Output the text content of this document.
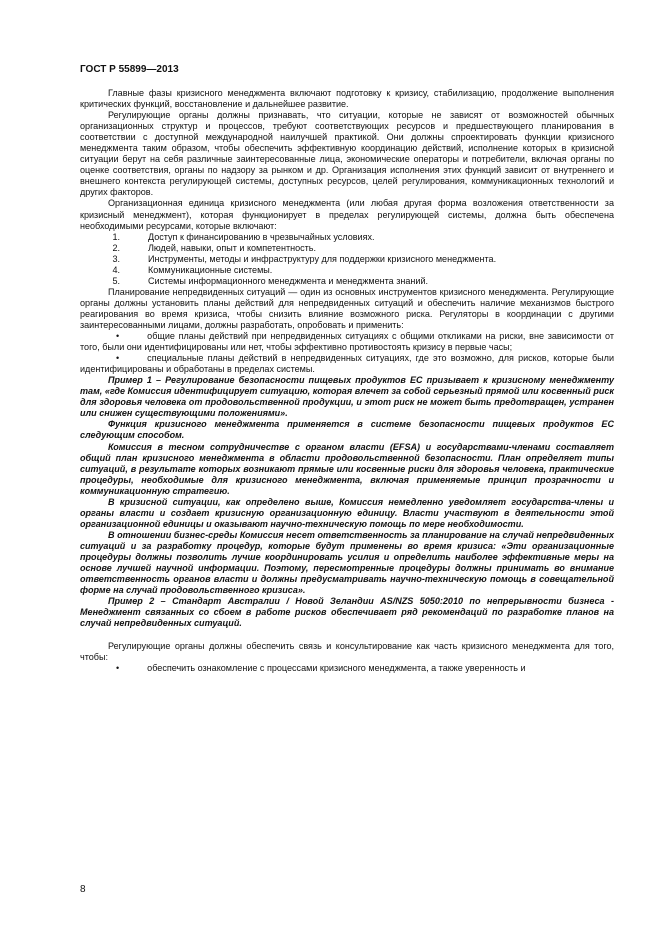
ГОСТ Р 55899—2013

Главные фазы кризисного менеджмента включают подготовку к кризису, стабилизацию, продолжение выполнения критических функций, восстановление и дальнейшее развитие.

Регулирующие органы должны признавать, что ситуации, которые не зависят от возможностей обычных организационных структур и процессов, требуют соответствующих ресурсов и предшествующего планирования в соответствии с доступной международной наилучшей практикой. Они должны спроектировать функции кризисного менеджмента таким образом, чтобы обеспечить эффективную координацию действий, исполнение которых в кризисной ситуации берут на себя различные заинтересованные лица, экономические операторы и потребители, включая органы по оценке соответствия, органы по надзору за рынком и др. Организация исполнения этих функций зависит от внутреннего и внешнего контекста регулирующей системы, доступных ресурсов, целей регулирования, коммуникационных технологий и других факторов.

Организационная единица кризисного менеджмента (или любая другая форма возложения ответственности за кризисный менеджмент), которая функционирует в пределах регулирующей системы, должна быть обеспечена необходимыми ресурсами, которые включают:

1.	Доступ к финансированию в чрезвычайных условиях.
2.	Людей, навыки, опыт и компетентность.
3.	Инструменты, методы и инфраструктуру для поддержки кризисного менеджмента.
4.	Коммуникационные системы.
5.	Системы информационного менеджмента и менеджмента знаний.

Планирование непредвиденных ситуаций — один из основных инструментов кризисного менеджмента. Регулирующие органы должны установить планы действий для непредвиденных ситуаций и обеспечить наличие механизмов быстрого реагирования во время кризиса, чтобы снизить влияние возможного риска. Регуляторы в координации с другими заинтересованными лицами, должны разработать, опробовать и применить:

•	общие планы действий при непредвиденных ситуациях с общими откликами на риски, вне зависимости от того, были они идентифицированы или нет, чтобы эффективно противостоять кризису в первые часы;
•	специальные планы действий в непредвиденных ситуациях, где это возможно, для рисков, которые были идентифицированы и обработаны в пределах системы.

Пример 1 – Регулирование безопасности пищевых продуктов ЕС призывает к кризисному менеджменту там, «где Комиссия идентифицирует ситуацию, которая влечет за собой серьезный прямой или косвенный риск для здоровья человека от продовольственной продукции, и этот риск не может быть предотвращен, устранен или снижен существующими положениями».

Функция кризисного менеджмента применяется в системе безопасности пищевых продуктов ЕС следующим способом.

Комиссия в тесном сотрудничестве с органом власти (EFSA) и государствами-членами составляет общий план кризисного менеджмента в области продовольственной безопасности. План определяет типы ситуаций, в результате которых возникают прямые или косвенные риски для здоровья человека, практические процедуры, необходимые для кризисного менеджмента, включая применяемые принцип прозрачности и коммуникационную стратегию.

В кризисной ситуации, как определено выше, Комиссия немедленно уведомляет государства-члены и органы власти и создает кризисную организационную единицу. Власти участвуют в деятельности этой организационной единицы и оказывают научно-техническую помощь по мере необходимости.

В отношении бизнес-среды Комиссия несет ответственность за планирование на случай непредвиденных ситуаций и за разработку процедур, которые будут применены во время кризиса: «Эти организационные процедуры должны позволить лучше координировать усилия и определить наиболее эффективные меры на основе лучшей научной информации. Поэтому, пересмотренные процедуры должны принимать во внимание ответственность органов власти и должны предусматривать научно-техническую помощь в совещательной форме на случай продовольственного кризиса».

Пример 2 – Стандарт Австралии / Новой Зеландии AS/NZS 5050:2010 по непрерывности бизнеса - Менеджмент связанных со сбоем в работе рисков обеспечивает ряд рекомендаций по разработке планов на случай непредвиденных ситуаций.

Регулирующие органы должны обеспечить связь и консультирование как часть кризисного менеджмента для того, чтобы:

•	обеспечить ознакомление с процессами кризисного менеджмента, а также уверенность и
8
